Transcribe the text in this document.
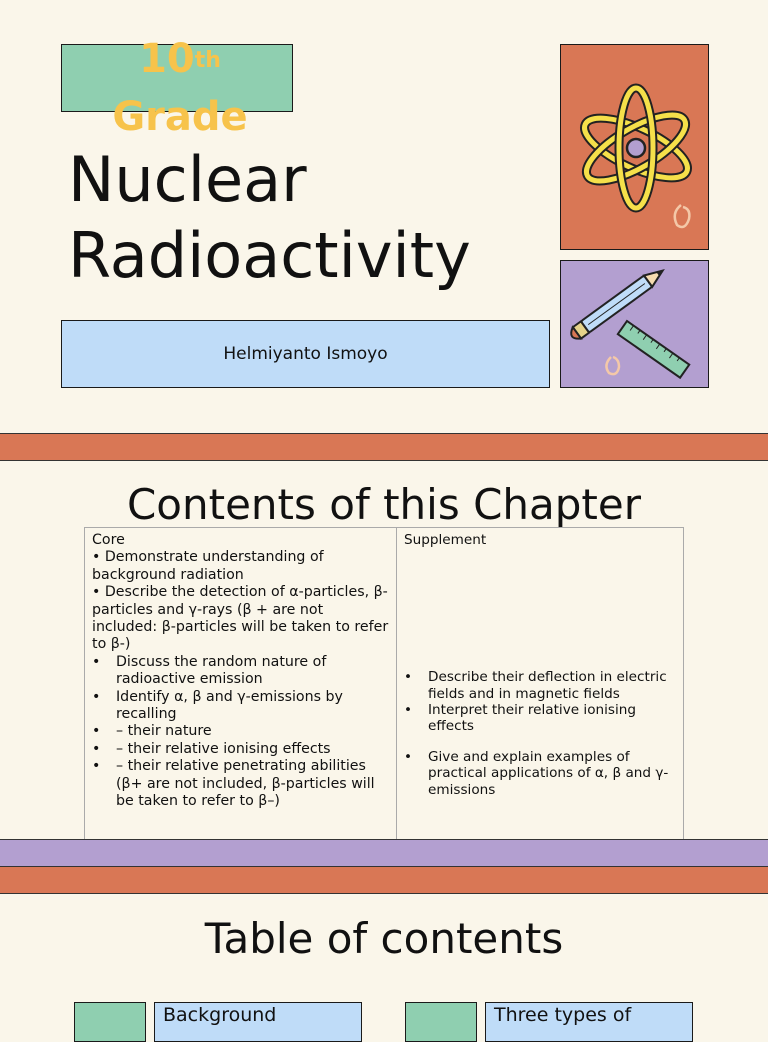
10th
Grade
Nuclear
Radioactivity
Helmiyanto Ismoyo
Contents of this Chapter
Core
• Demonstrate understanding of background radiation
• Describe the detection of α-particles, β-particles and γ-rays (β + are not included: β-particles will be taken to refer to β-)
• Discuss the random nature of radioactive emission
• Identify α, β and γ-emissions by recalling
• – their nature
• – their relative ionising effects
• – their relative penetrating abilities (β+ are not included, β-particles will be taken to refer to β–)

Supplement
• Describe their deflection in electric fields and in magnetic fields
• Interpret their relative ionising effects
• Give and explain examples of practical applications of α, β and γ-emissions
Table of contents
Background	Three types of
